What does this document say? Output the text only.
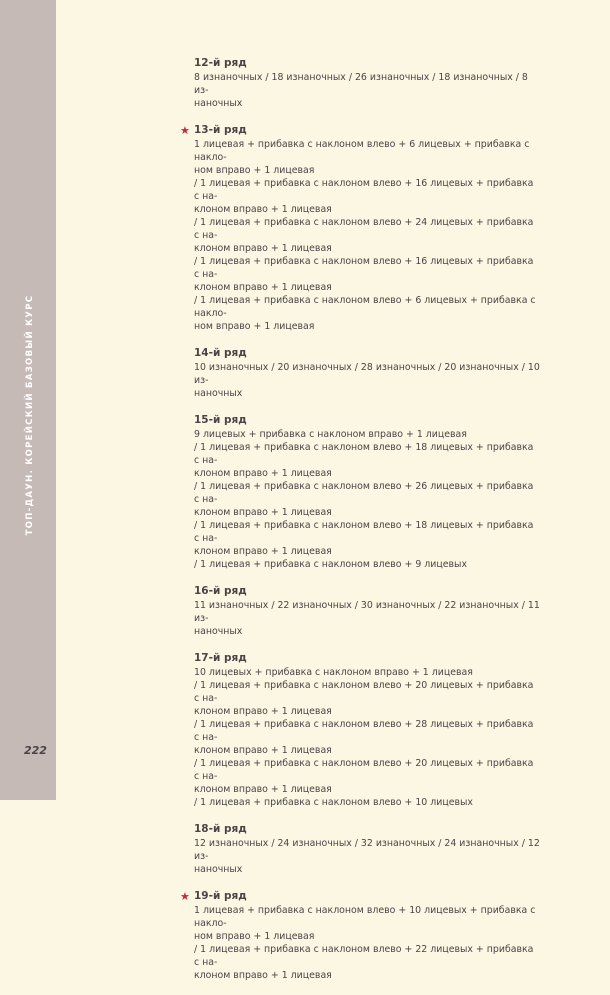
ТОП-ДАУН. КОРЕЙСКИЙ БАЗОВЫЙ КУРС
222
12-й ряд
8 изнаночных / 18 изнаночных / 26 изнаночных / 18 изнаночных / 8 из-
наночных
★ 13-й ряд
1 лицевая + прибавка с наклоном влево + 6 лицевых + прибавка с накло-
ном вправо + 1 лицевая
/ 1 лицевая + прибавка с наклоном влево + 16 лицевых + прибавка с на-
клоном вправо + 1 лицевая
/ 1 лицевая + прибавка с наклоном влево + 24 лицевых + прибавка с на-
клоном вправо + 1 лицевая
/ 1 лицевая + прибавка с наклоном влево + 16 лицевых + прибавка с на-
клоном вправо + 1 лицевая
/ 1 лицевая + прибавка с наклоном влево + 6 лицевых + прибавка с накло-
ном вправо + 1 лицевая
14-й ряд
10 изнаночных / 20 изнаночных / 28 изнаночных / 20 изнаночных / 10 из-
наночных
15-й ряд
9 лицевых + прибавка с наклоном вправо + 1 лицевая
/ 1 лицевая + прибавка с наклоном влево + 18 лицевых + прибавка с на-
клоном вправо + 1 лицевая
/ 1 лицевая + прибавка с наклоном влево + 26 лицевых + прибавка с на-
клоном вправо + 1 лицевая
/ 1 лицевая + прибавка с наклоном влево + 18 лицевых + прибавка с на-
клоном вправо + 1 лицевая
/ 1 лицевая + прибавка с наклоном влево + 9 лицевых
16-й ряд
11 изнаночных / 22 изнаночных / 30 изнаночных / 22 изнаночных / 11 из-
наночных
17-й ряд
10 лицевых + прибавка с наклоном вправо + 1 лицевая
/ 1 лицевая + прибавка с наклоном влево + 20 лицевых + прибавка с на-
клоном вправо + 1 лицевая
/ 1 лицевая + прибавка с наклоном влево + 28 лицевых + прибавка с на-
клоном вправо + 1 лицевая
/ 1 лицевая + прибавка с наклоном влево + 20 лицевых + прибавка с на-
клоном вправо + 1 лицевая
/ 1 лицевая + прибавка с наклоном влево + 10 лицевых
18-й ряд
12 изнаночных / 24 изнаночных / 32 изнаночных / 24 изнаночных / 12 из-
наночных
★ 19-й ряд
1 лицевая + прибавка с наклоном влево + 10 лицевых + прибавка с накло-
ном вправо + 1 лицевая
/ 1 лицевая + прибавка с наклоном влево + 22 лицевых + прибавка с на-
клоном вправо + 1 лицевая
